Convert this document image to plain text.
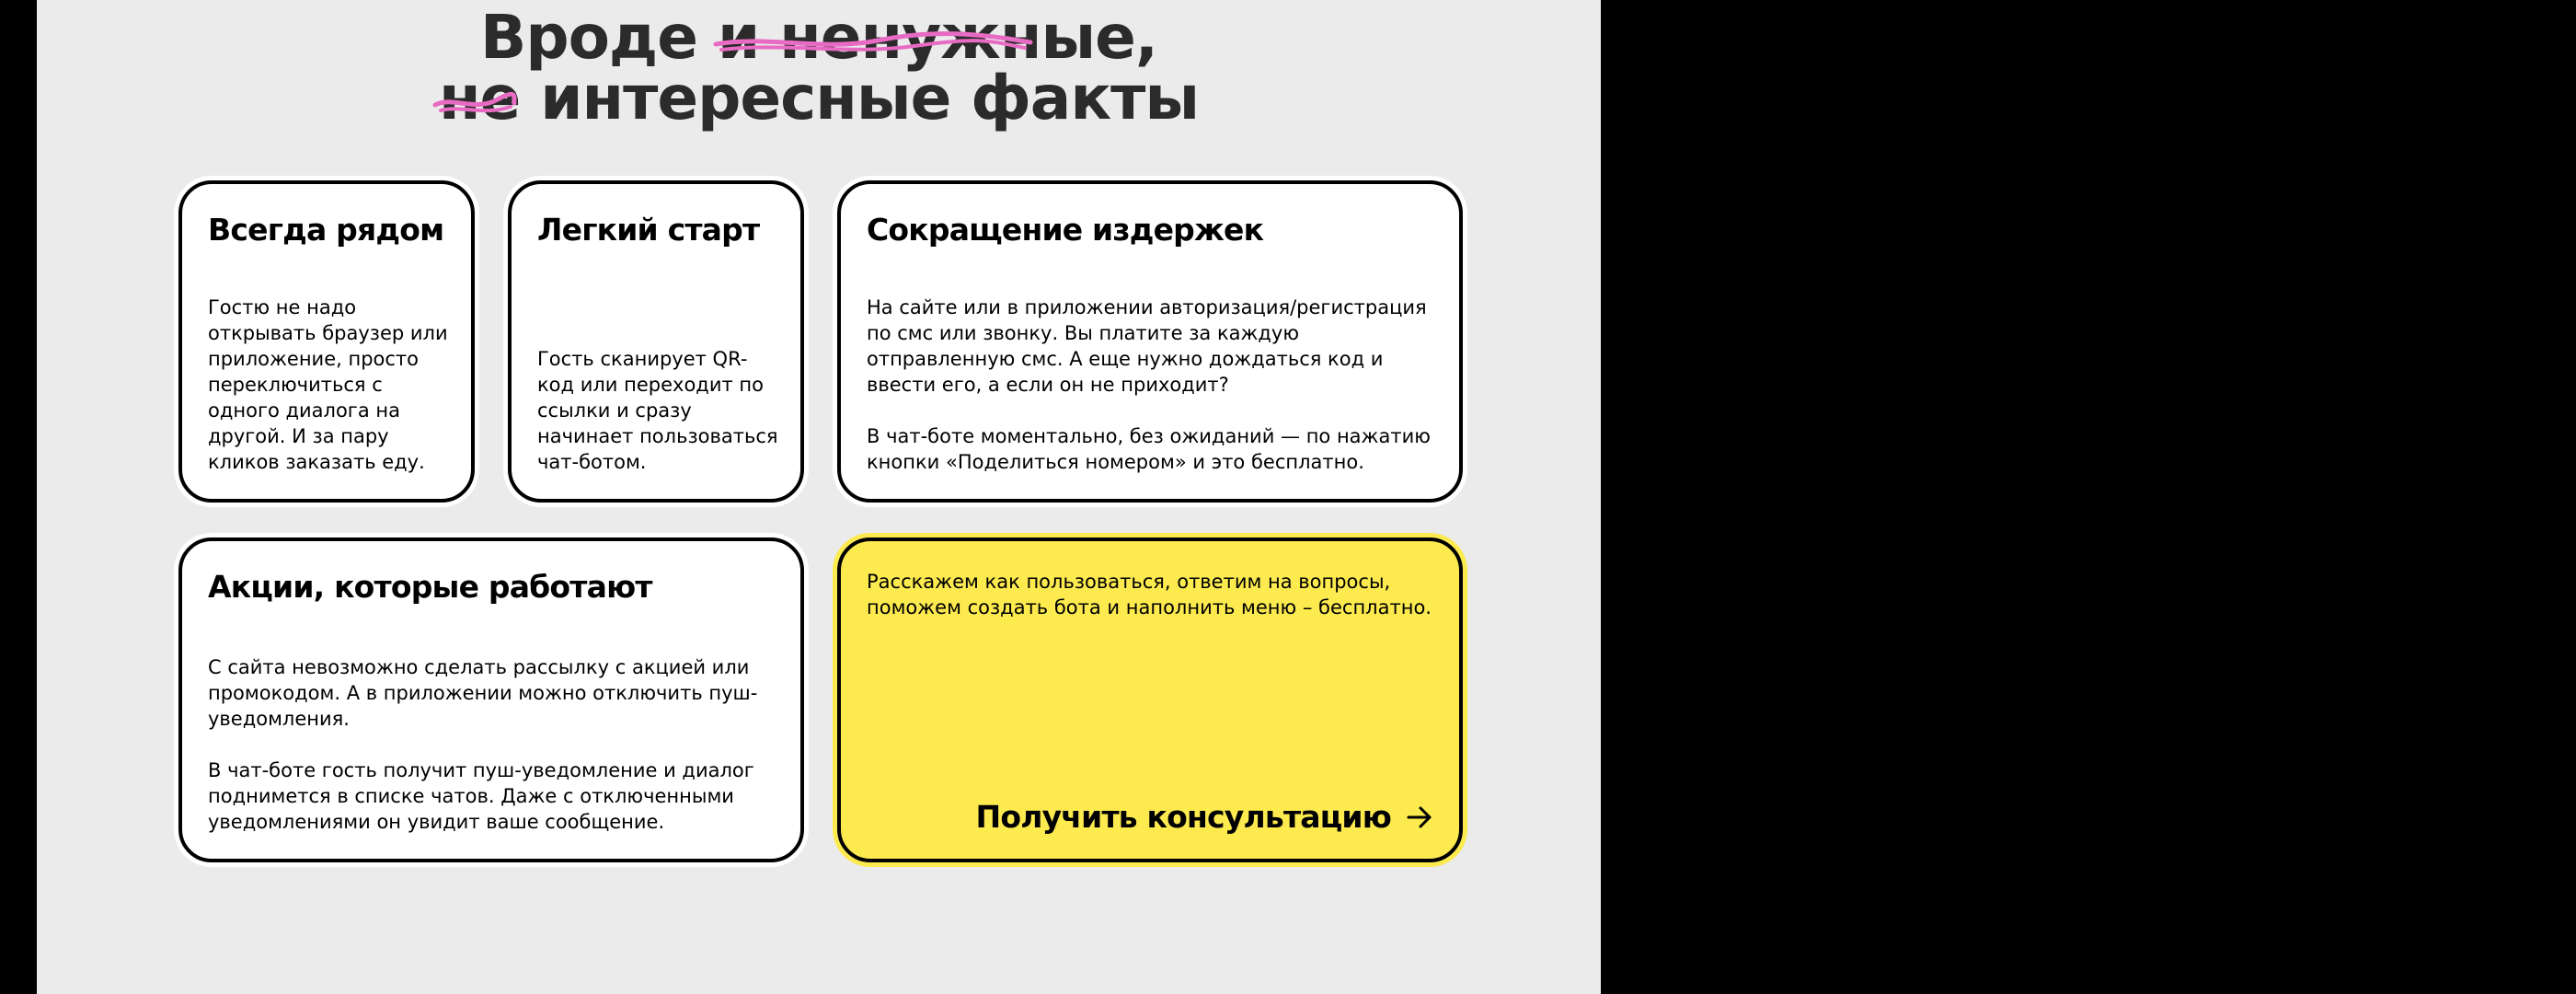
Вроде и ненужные
,
не
интересные факты
Всегда рядом

Гостю не надо открывать браузер или приложение, просто переключиться с одного диалога на другой. И за пару кликов заказать еду.

Легкий старт

Гость сканирует QR-код или переходит по ссылки и сразу начинает пользоваться чат-ботом.

Сокращение издержек

На сайте или в приложении авторизация/регистрация по смс или звонку. Вы платите за каждую отправленную смс. А еще нужно дождаться код и ввести его, а если он не приходит?

В чат-боте моментально, без ожиданий — по нажатию кнопки «Поделиться номером» и это бесплатно.

Акции, которые работают

С сайта невозможно сделать рассылку с акцией или промокодом. А в приложении можно отключить пуш-уведомления.

В чат-боте гость получит пуш-уведомление и диалог поднимется в списке чатов. Даже с отключенными уведомлениями он увидит ваше сообщение.

Расскажем как пользоваться, ответим на вопросы, поможем создать бота и наполнить меню – бесплатно.
Получить консультацию
